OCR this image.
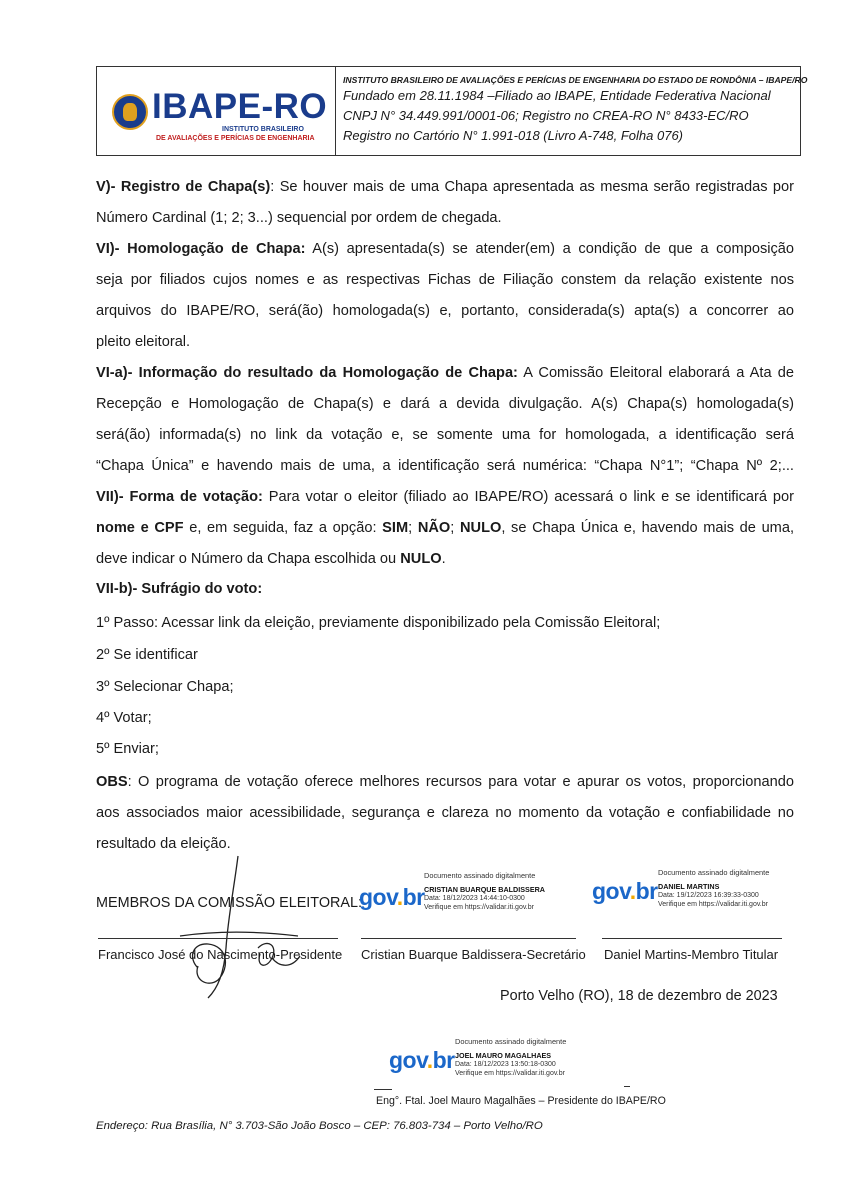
IBAPE-RO
INSTITUTO BRASILEIRO
DE AVALIAÇÕES E PERÍCIAS DE ENGENHARIA
INSTITUTO BRASILEIRO DE AVALIAÇÕES E PERÍCIAS DE ENGENHARIA DO ESTADO DE RONDÔNIA – IBAPE/RO
Fundado em 28.11.1984 –Filiado ao IBAPE, Entidade Federativa Nacional
CNPJ N° 34.449.991/0001-06; Registro no CREA-RO N° 8433-EC/RO
Registro no Cartório N° 1.991-018 (Livro A-748, Folha 076)
V)- Registro de Chapa(s): Se houver mais de uma Chapa apresentada as mesma serão registradas por
Número Cardinal (1; 2; 3...) sequencial por ordem de chegada.
VI)- Homologação de Chapa: A(s) apresentada(s) se atender(em) a condição de que a composição
seja por filiados cujos nomes e as respectivas Fichas de Filiação constem da relação existente nos
arquivos do IBAPE/RO, será(ão) homologada(s) e, portanto, considerada(s) apta(s) a concorrer ao
pleito eleitoral.
VI-a)- Informação do resultado da Homologação de Chapa: A Comissão Eleitoral elaborará a Ata de
Recepção e Homologação de Chapa(s) e dará a devida divulgação. A(s) Chapa(s) homologada(s)
será(ão) informada(s) no link da votação e, se somente uma for homologada, a identificação será
“Chapa Única” e havendo mais de uma, a identificação será numérica: “Chapa N°1”; “Chapa Nº 2;...
VII)- Forma de votação: Para votar o eleitor (filiado ao IBAPE/RO) acessará o link e se identificará por
nome e CPF e, em seguida, faz a opção: SIM; NÃO; NULO, se Chapa Única e, havendo mais de uma,
deve indicar o Número da Chapa escolhida ou NULO.
VII-b)- Sufrágio do voto:
1º Passo: Acessar link da eleição, previamente disponibilizado pela Comissão Eleitoral;
2º Se identificar
3º Selecionar Chapa;
4º Votar;
5º Enviar;
OBS: O programa de votação oferece melhores recursos para votar e apurar os votos, proporcionando
aos associados maior acessibilidade, segurança e clareza no momento da votação e confiabilidade no
resultado da eleição.
MEMBROS DA COMISSÃO ELEITORAL:
gov.br
Documento assinado digitalmente
CRISTIAN BUARQUE BALDISSERA
Data: 18/12/2023 14:44:10-0300
Verifique em https://validar.iti.gov.br
gov.br
Documento assinado digitalmente
DANIEL MARTINS
Data: 19/12/2023 16:39:33-0300
Verifique em https://validar.iti.gov.br
Francisco José do Nascimento-Presidente Cristian Buarque Baldissera-Secretário Daniel Martins-Membro Titular
Porto Velho (RO), 18 de dezembro de 2023
gov.br
Documento assinado digitalmente
JOEL MAURO MAGALHAES
Data: 18/12/2023 13:50:18-0300
Verifique em https://validar.iti.gov.br
Eng°. Ftal. Joel Mauro Magalhães – Presidente do IBAPE/RO
Endereço: Rua Brasília, N° 3.703-São João Bosco – CEP: 76.803-734 – Porto Velho/RO
